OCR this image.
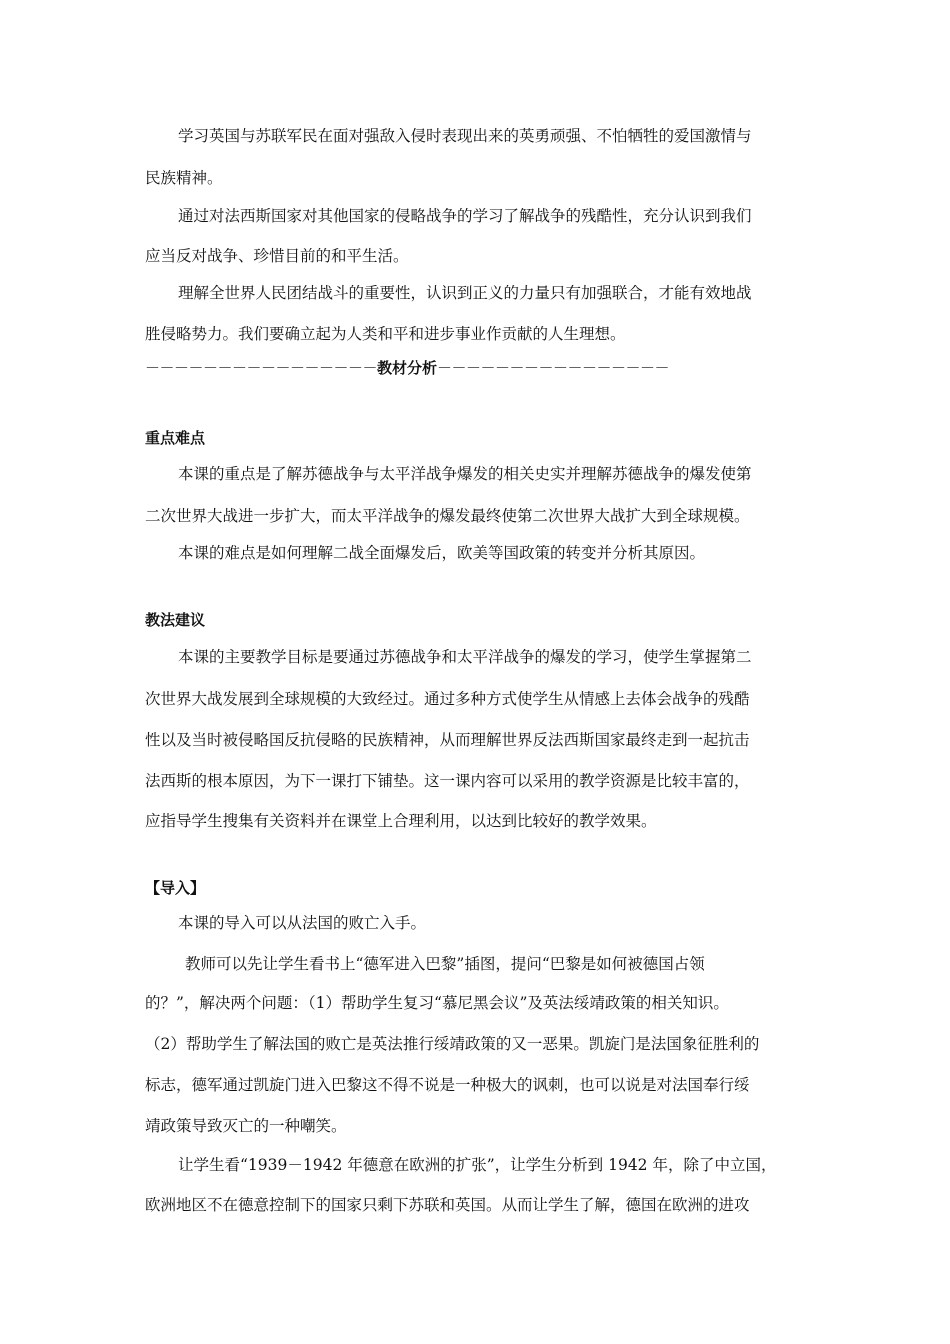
学习英国与苏联军民在面对强敌入侵时表现出来的英勇顽强、不怕牺牲的爱国激情与
民族精神。
通过对法西斯国家对其他国家的侵略战争的学习了解战争的残酷性，充分认识到我们
应当反对战争、珍惜目前的和平生活。
理解全世界人民团结战斗的重要性，认识到正义的力量只有加强联合，才能有效地战
胜侵略势力。我们要确立起为人类和平和进步事业作贡献的人生理想。
－－－－－－－－－－－－－－－－教材分析－－－－－－－－－－－－－－－－
重点难点
本课的重点是了解苏德战争与太平洋战争爆发的相关史实并理解苏德战争的爆发使第
二次世界大战进一步扩大，而太平洋战争的爆发最终使第二次世界大战扩大到全球规模。
本课的难点是如何理解二战全面爆发后，欧美等国政策的转变并分析其原因。
教法建议
本课的主要教学目标是要通过苏德战争和太平洋战争的爆发的学习，使学生掌握第二
次世界大战发展到全球规模的大致经过。通过多种方式使学生从情感上去体会战争的残酷
性以及当时被侵略国反抗侵略的民族精神，从而理解世界反法西斯国家最终走到一起抗击
法西斯的根本原因，为下一课打下铺垫。这一课内容可以采用的教学资源是比较丰富的，
应指导学生搜集有关资料并在课堂上合理利用，以达到比较好的教学效果。
【导入】
本课的导入可以从法国的败亡入手。
教师可以先让学生看书上“德军进入巴黎”插图，提问“巴黎是如何被德国占领
的？”，解决两个问题：（1）帮助学生复习“慕尼黑会议”及英法绥靖政策的相关知识。
（2）帮助学生了解法国的败亡是英法推行绥靖政策的又一恶果。凯旋门是法国象征胜利的
标志，德军通过凯旋门进入巴黎这不得不说是一种极大的讽刺，也可以说是对法国奉行绥
靖政策导致灭亡的一种嘲笑。
让学生看“1939－1942 年德意在欧洲的扩张”，让学生分析到 1942 年，除了中立国，
欧洲地区不在德意控制下的国家只剩下苏联和英国。从而让学生了解，德国在欧洲的进攻
